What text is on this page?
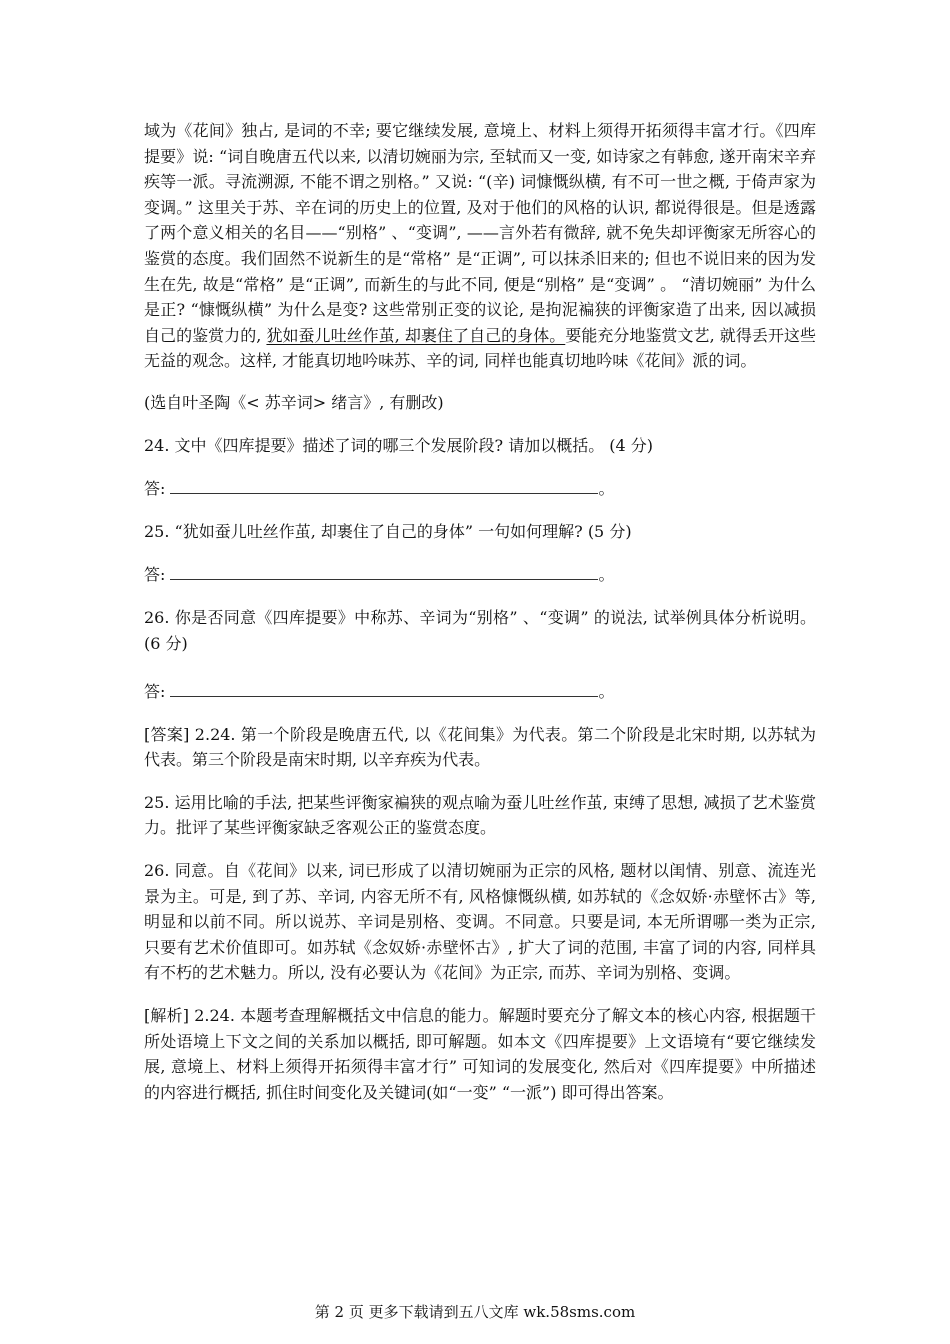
域为《花间》独占, 是词的不幸; 要它继续发展, 意境上、材料上须得开拓须得丰富才行。《四库提要》说: “词自晚唐五代以来, 以清切婉丽为宗, 至轼而又一变, 如诗家之有韩愈, 遂开南宋辛弃疾等一派。寻流溯源, 不能不谓之别格。” 又说: “(辛) 词慷慨纵横, 有不可一世之概, 于倚声家为变调。” 这里关于苏、辛在词的历史上的位置, 及对于他们的风格的认识, 都说得很是。但是透露了两个意义相关的名目——“别格” 、“变调”, ——言外若有微辞, 就不免失却评衡家无所容心的鉴赏的态度。我们固然不说新生的是“常格” 是“正调”, 可以抹杀旧来的; 但也不说旧来的因为发生在先, 故是“常格” 是“正调”, 而新生的与此不同, 便是“别格” 是“变调” 。 “清切婉丽” 为什么是正? “慷慨纵横” 为什么是变? 这些常别正变的议论, 是拘泥褊狭的评衡家造了出来, 因以减损自己的鉴赏力的, 犹如蚕儿吐丝作茧, 却裹住了自己的身体。要能充分地鉴赏文艺, 就得丢开这些无益的观念。这样, 才能真切地吟味苏、辛的词, 同样也能真切地吟味《花间》派的词。

(选自叶圣陶《< 苏辛词> 绪言》, 有删改)

24. 文中《四库提要》描述了词的哪三个发展阶段? 请加以概括。 (4 分)

答:	。

25. “犹如蚕儿吐丝作茧, 却裹住了自己的身体” 一句如何理解? (5 分)

答:	。

26. 你是否同意《四库提要》中称苏、辛词为“别格” 、“变调” 的说法, 试举例具体分析说明。 (6 分)

答:	。

[答案] 2.24. 第一个阶段是晚唐五代, 以《花间集》为代表。第二个阶段是北宋时期, 以苏轼为代表。第三个阶段是南宋时期, 以辛弃疾为代表。

25. 运用比喻的手法, 把某些评衡家褊狭的观点喻为蚕儿吐丝作茧, 束缚了思想, 减损了艺术鉴赏力。批评了某些评衡家缺乏客观公正的鉴赏态度。

26. 同意。自《花间》以来, 词已形成了以清切婉丽为正宗的风格, 题材以闺情、别意、流连光景为主。可是, 到了苏、辛词, 内容无所不有, 风格慷慨纵横, 如苏轼的《念奴娇·赤壁怀古》等, 明显和以前不同。所以说苏、辛词是别格、变调。不同意。只要是词, 本无所谓哪一类为正宗, 只要有艺术价值即可。如苏轼《念奴娇·赤壁怀古》, 扩大了词的范围, 丰富了词的内容, 同样具有不朽的艺术魅力。所以, 没有必要认为《花间》为正宗, 而苏、辛词为别格、变调。

[解析] 2.24. 本题考查理解概括文中信息的能力。解题时要充分了解文本的核心内容, 根据题干所处语境上下文之间的关系加以概括, 即可解题。如本文《四库提要》上文语境有“要它继续发展, 意境上、材料上须得开拓须得丰富才行” 可知词的发展变化, 然后对《四库提要》中所描述的内容进行概括, 抓住时间变化及关键词(如“一变” “一派”) 即可得出答案。

第 2 页 更多下载请到五八文库 wk.58sms.com
